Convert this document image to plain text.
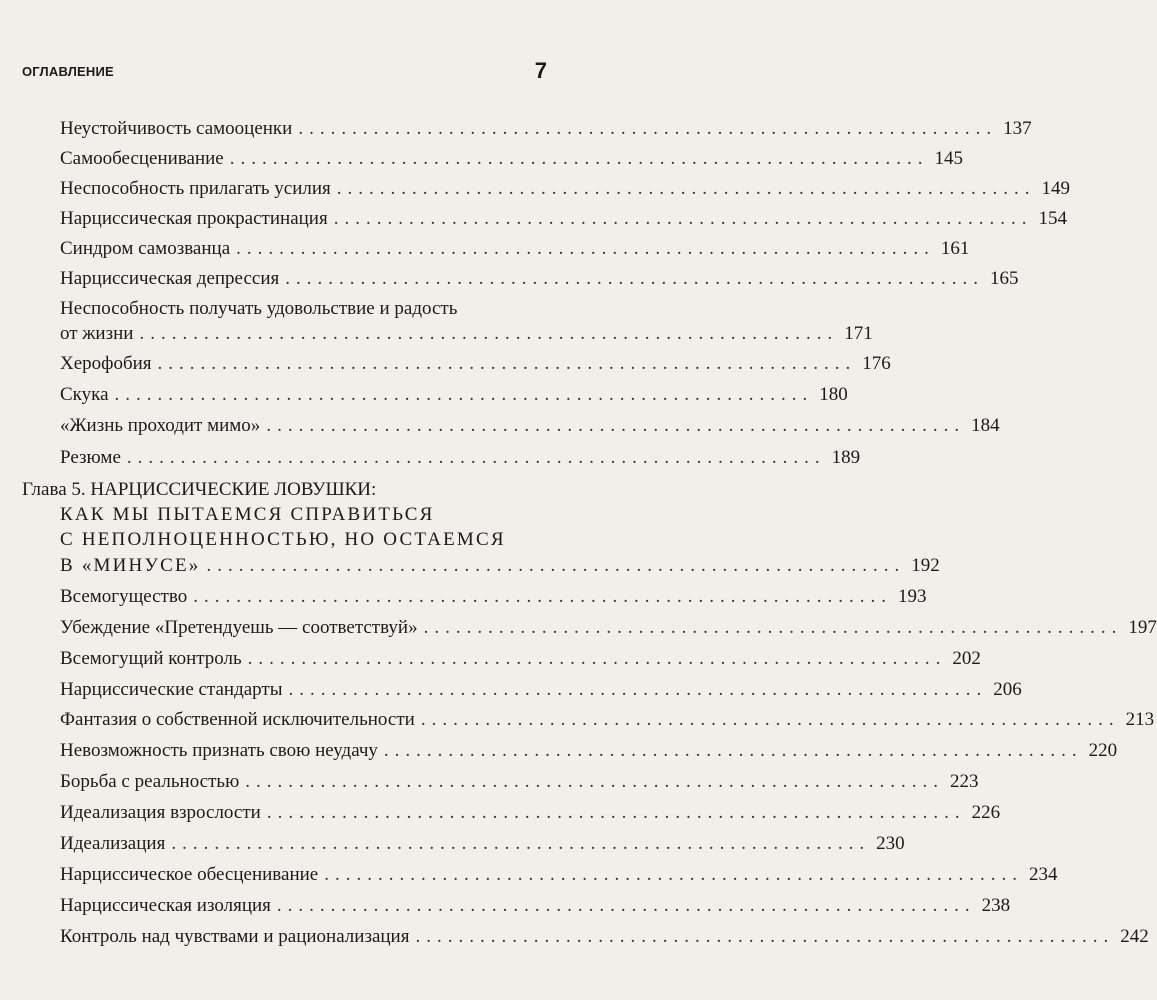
ОГЛАВЛЕНИЕ	7
Неустойчивость самооценки ................................................................. 137
Самообесценивание ................................................................. 145
Неспособность прилагать усилия ................................................................. 149
Нарциссическая прокрастинация ................................................................. 154
Синдром самозванца ................................................................. 161
Нарциссическая депрессия ................................................................. 165
Неспособность получать удовольствие и радость
от жизни ................................................................. 171
Херофобия ................................................................. 176
Скука ................................................................. 180
«Жизнь проходит мимо» ................................................................. 184
Резюме ................................................................. 189
Глава 5. НАРЦИССИЧЕСКИЕ ЛОВУШКИ:
КАК МЫ ПЫТАЕМСЯ СПРАВИТЬСЯ
С НЕПОЛНОЦЕННОСТЬЮ, НО ОСТАЕМСЯ
В «МИНУСЕ» ................................................................. 192
Всемогущество ................................................................. 193
Убеждение «Претендуешь — соответствуй» ................................................................. 197
Всемогущий контроль ................................................................. 202
Нарциссические стандарты ................................................................. 206
Фантазия о собственной исключительности ................................................................. 213
Невозможность признать свою неудачу ................................................................. 220
Борьба с реальностью ................................................................. 223
Идеализация взрослости ................................................................. 226
Идеализация ................................................................. 230
Нарциссическое обесценивание ................................................................. 234
Нарциссическая изоляция ................................................................. 238
Контроль над чувствами и рационализация ................................................................. 242
